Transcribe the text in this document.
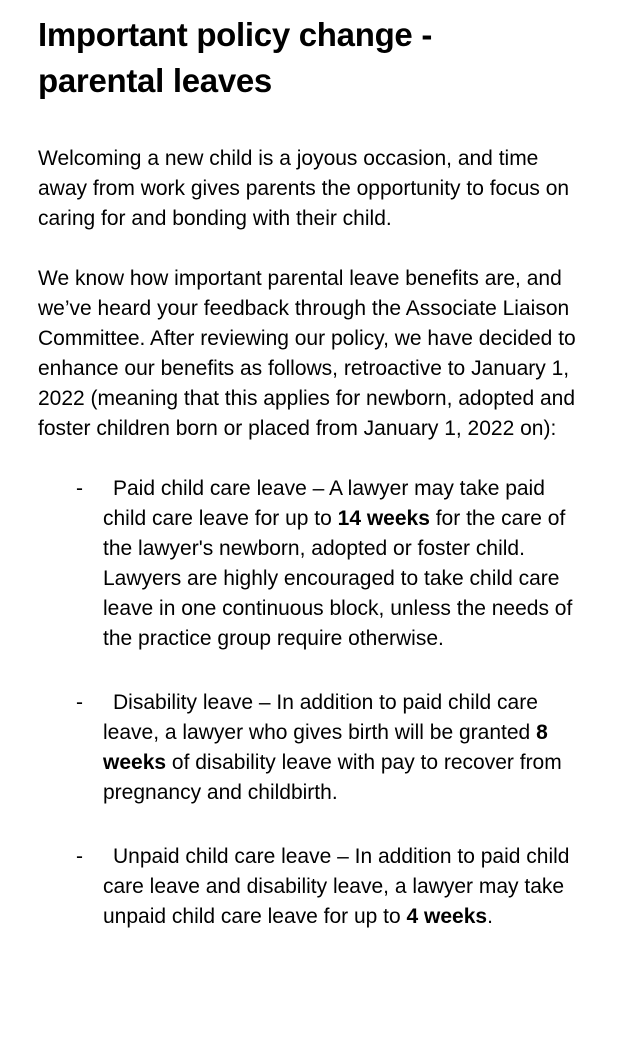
Important policy change - parental leaves

Welcoming a new child is a joyous occasion, and time away from work gives parents the opportunity to focus on caring for and bonding with their child.

We know how important parental leave benefits are, and we’ve heard your feedback through the Associate Liaison Committee. After reviewing our policy, we have decided to enhance our benefits as follows, retroactive to January 1, 2022 (meaning that this applies for newborn, adopted and foster children born or placed from January 1, 2022 on):

-	Paid child care leave – A lawyer may take paid child care leave for up to 14 weeks for the care of the lawyer's newborn, adopted or foster child. Lawyers are highly encouraged to take child care leave in one continuous block, unless the needs of the practice group require otherwise.
-	Disability leave – In addition to paid child care leave, a lawyer who gives birth will be granted 8 weeks of disability leave with pay to recover from pregnancy and childbirth.
-	Unpaid child care leave – In addition to paid child care leave and disability leave, a lawyer may take unpaid child care leave for up to 4 weeks.
